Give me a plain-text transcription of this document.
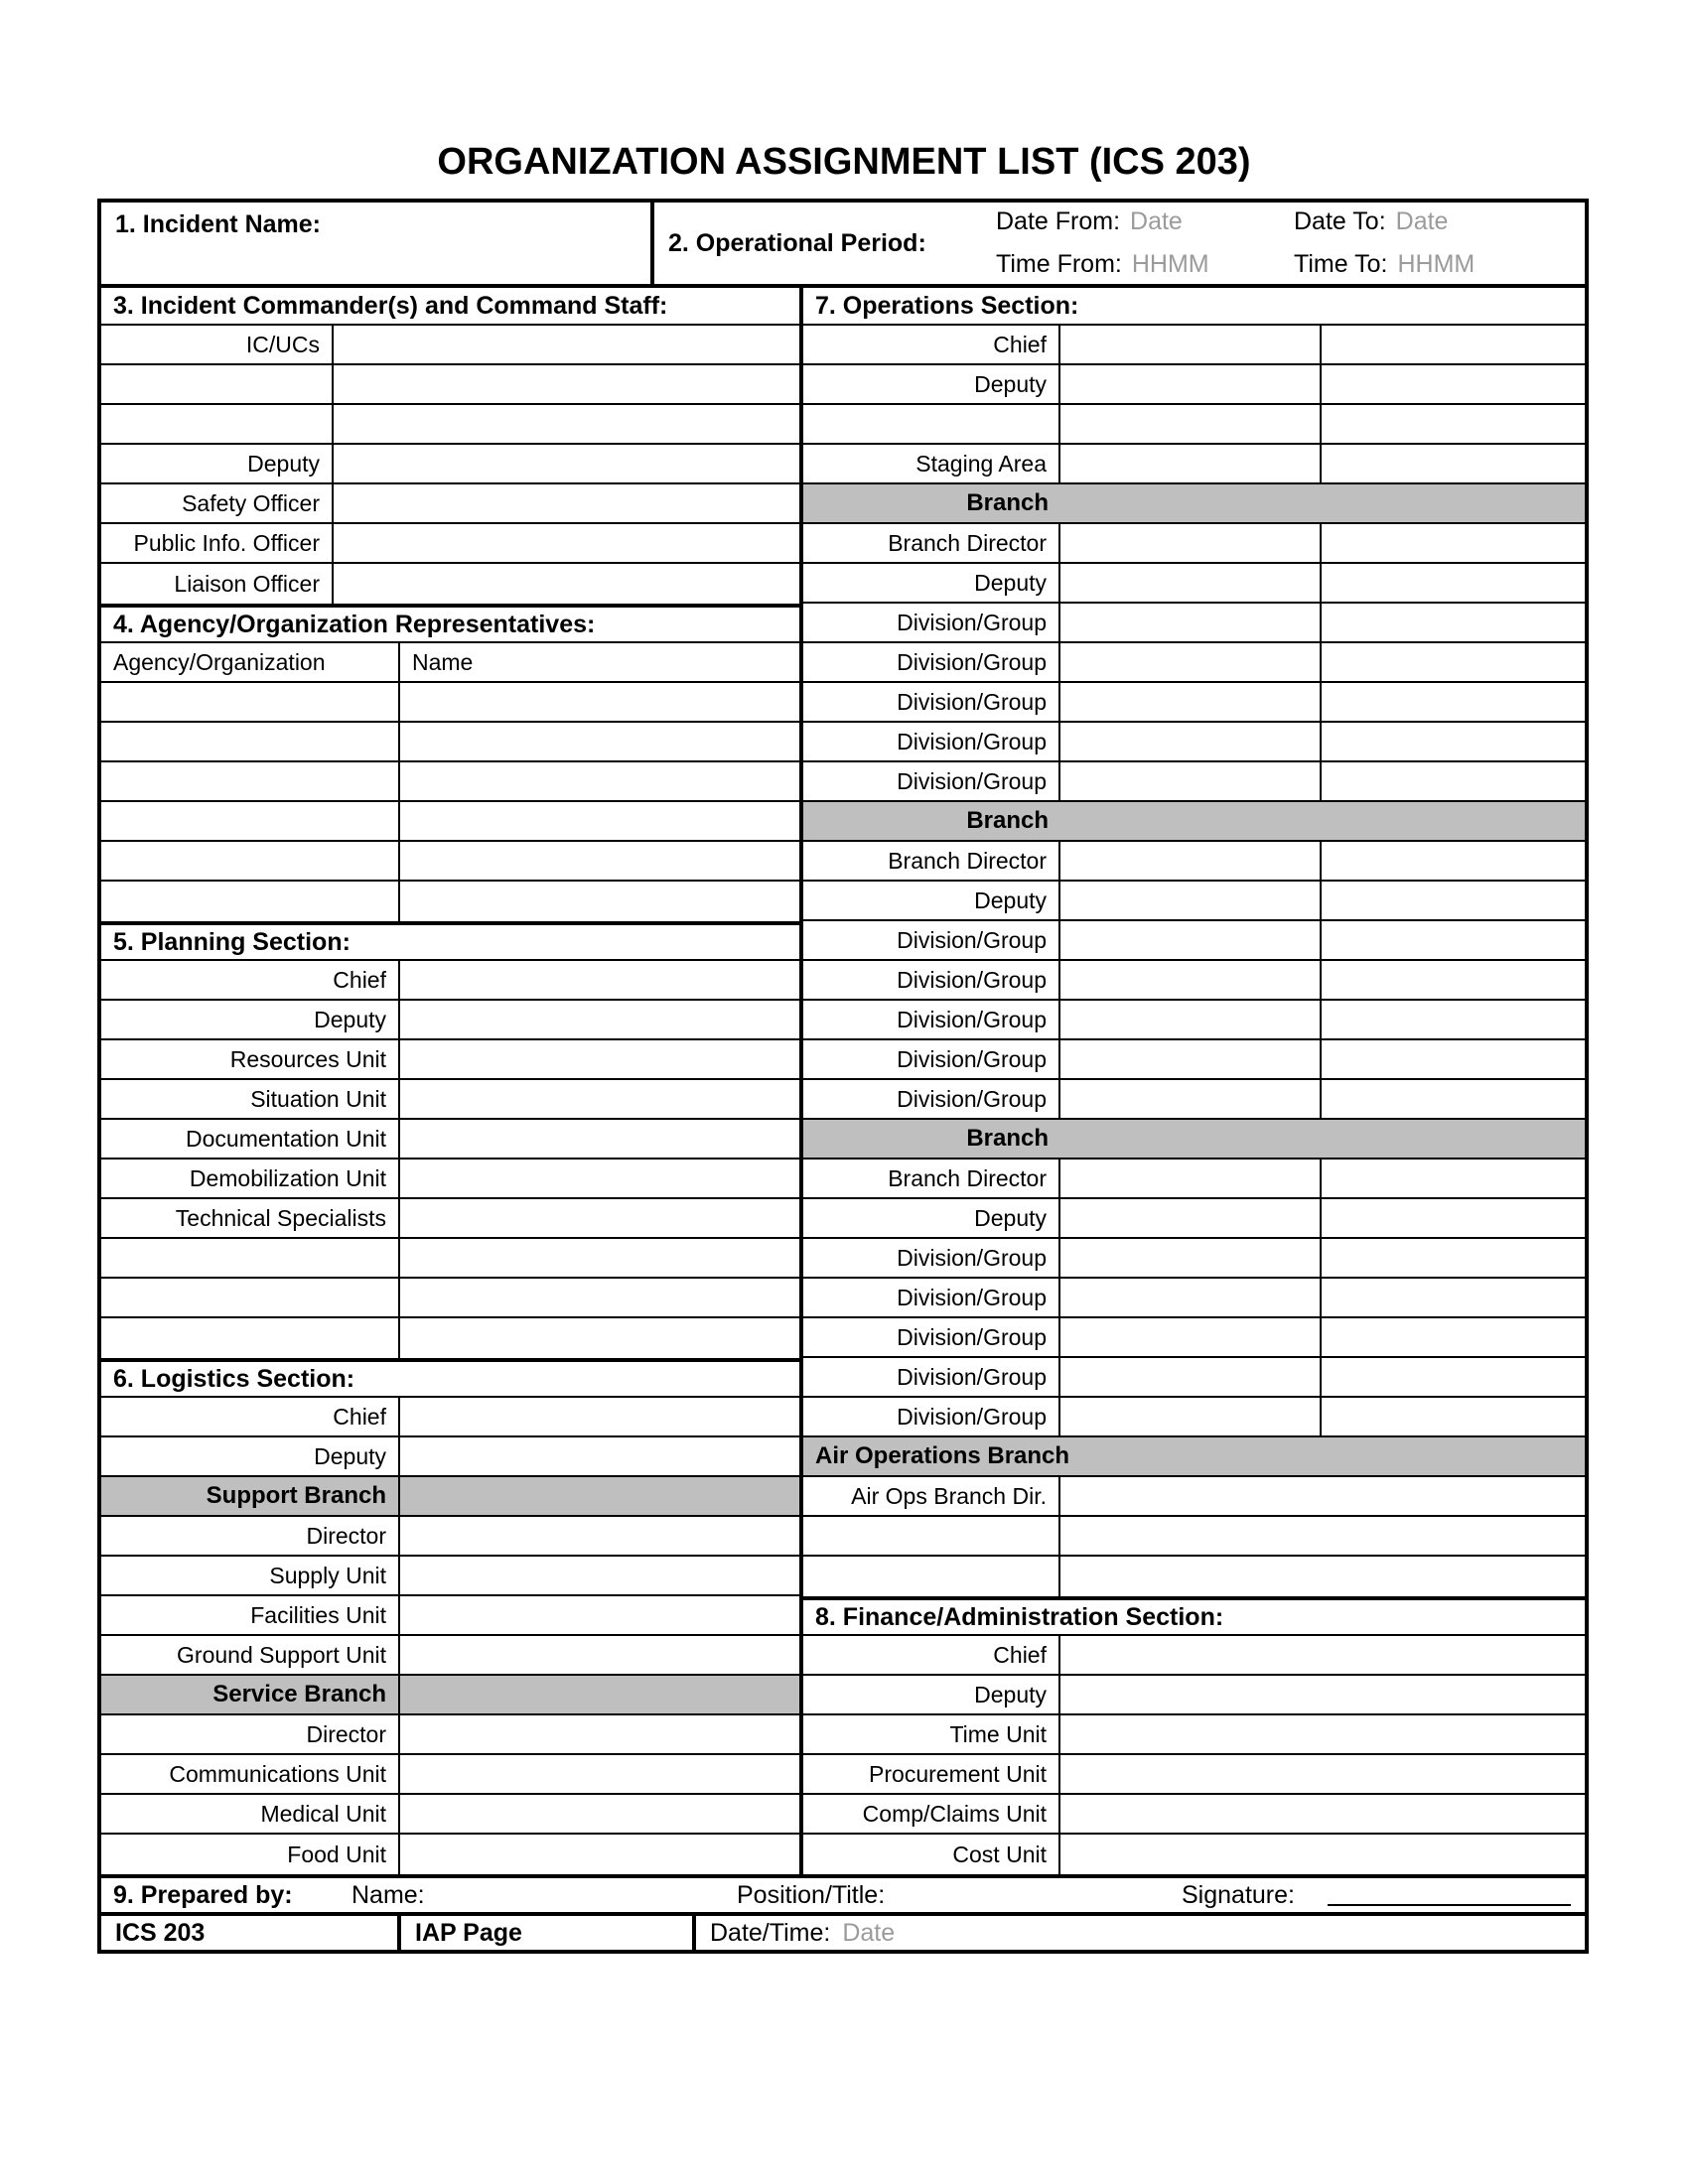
ORGANIZATION ASSIGNMENT LIST (ICS 203)
1. Incident Name:
2. Operational Period:
Date From: Date
Time From: HHMM
Date To: Date
Time To: HHMM
3. Incident Commander(s) and Command Staff:
IC/UCs
Deputy
Safety Officer
Public Info. Officer
Liaison Officer
4. Agency/Organization Representatives:
Agency/Organization	Name
5. Planning Section:
Chief
Deputy
Resources Unit
Situation Unit
Documentation Unit
Demobilization Unit
Technical Specialists
6. Logistics Section:
Chief
Deputy
Support Branch
Director
Supply Unit
Facilities Unit
Ground Support Unit
Service Branch
Director
Communications Unit
Medical Unit
Food Unit
7. Operations Section:
Chief
Deputy
Staging Area
Branch
Branch Director
Deputy
Division/Group
Division/Group
Division/Group
Division/Group
Division/Group
Branch
Branch Director
Deputy
Division/Group
Division/Group
Division/Group
Division/Group
Division/Group
Branch
Branch Director
Deputy
Division/Group
Division/Group
Division/Group
Division/Group
Division/Group
Air Operations Branch
Air Ops Branch Dir.
8. Finance/Administration Section:
Chief
Deputy
Time Unit
Procurement Unit
Comp/Claims Unit
Cost Unit
9. Prepared by: Name:	Position/Title:	Signature:
ICS 203	IAP Page	Date/Time: Date
